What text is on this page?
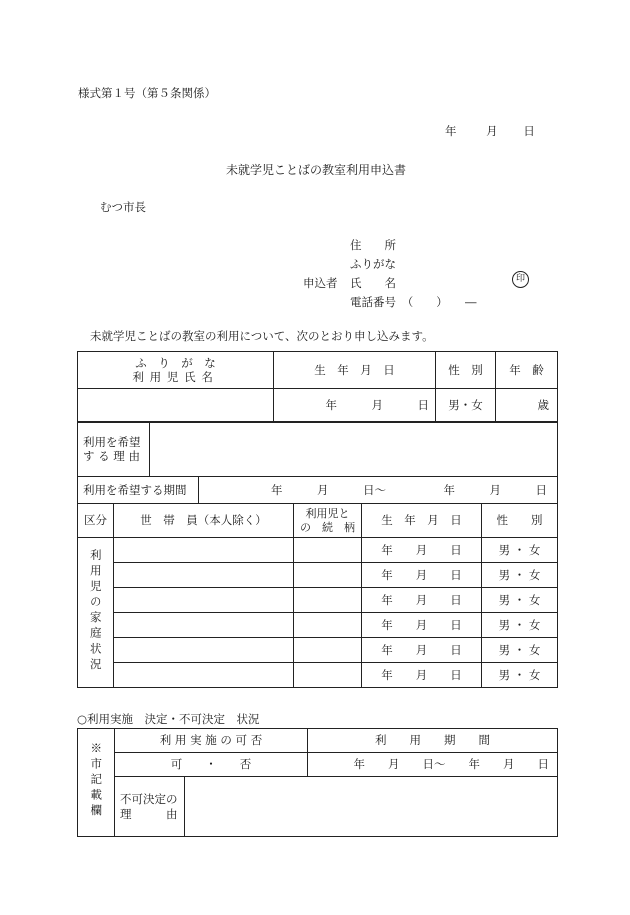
様式第１号（第５条関係）
年	月 日
未就学児ことばの教室利用申込書
むつ市長
住　　所
ふりがな
申込者 氏　　名	印
電話番号　（　　）　　―
未就学児ことばの教室の利用について、次のとおり申し込みます。
ふ　り　が　な
利用児氏名	生　年　月　日	性　別	年　齢
	年　　　月　　　日	男・女	歳
利用を希望
す る 理 由

利用を希望する期間	年　　　月　　　日〜　　　　　年　　　月　　　日
区分	世　帯　員（本人除く）	利用児と
の　続　柄	生　年　月　日	性　　別
利用児の家庭状況			年　　月　　日	男 ・ 女
			年　　月　　日	男 ・ 女
			年　　月　　日	男 ・ 女
			年　　月　　日	男 ・ 女
			年　　月　　日	男 ・ 女
			年　　月　　日	男 ・ 女
○利用実施　決定・不可決定　状況
※市記載欄	利 用 実 施 の 可 否		利　　用　　期　　間
	可　　・　　否		年　　月　　日〜　　年　　月　　日

	不可決定の
理　　　由		
